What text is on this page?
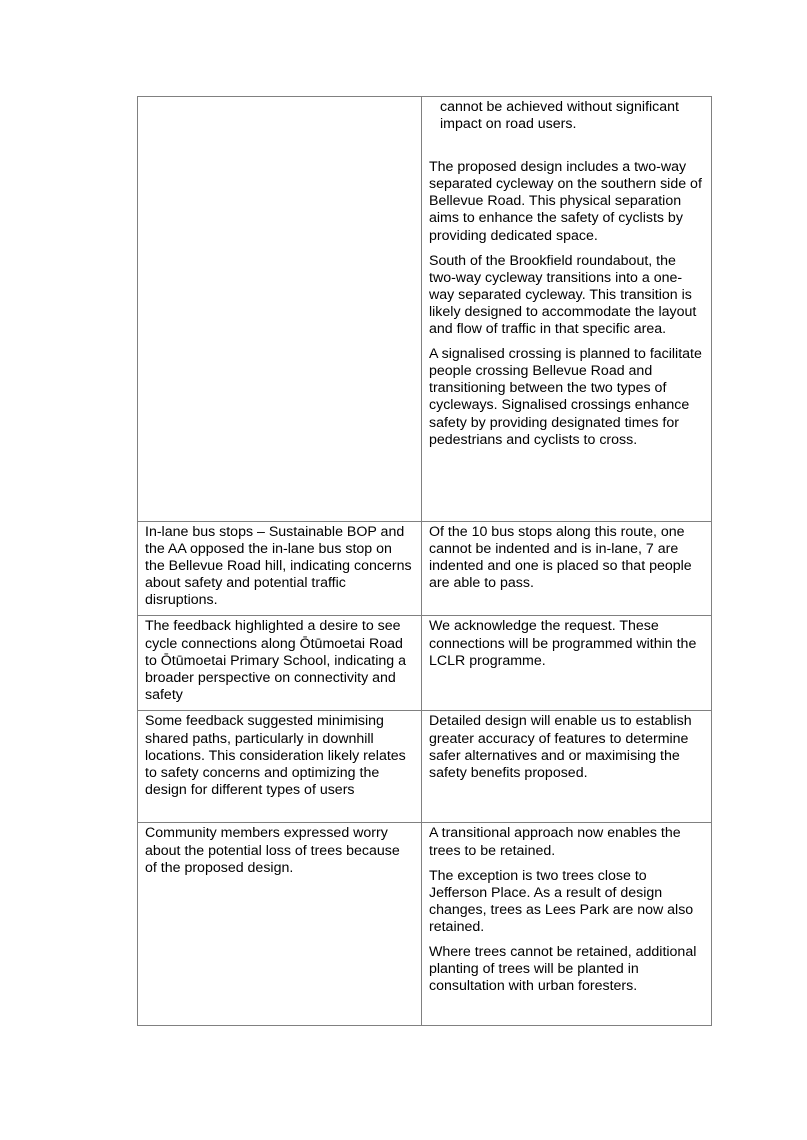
	cannot be achieved without significant impact on road users.

The proposed design includes a two-way separated cycleway on the southern side of Bellevue Road. This physical separation aims to enhance the safety of cyclists by providing dedicated space.

South of the Brookfield roundabout, the two-way cycleway transitions into a one-way separated cycleway. This transition is likely designed to accommodate the layout and flow of traffic in that specific area.

A signalised crossing is planned to facilitate people crossing Bellevue Road and transitioning between the two types of cycleways. Signalised crossings enhance safety by providing designated times for pedestrians and cyclists to cross.

In-lane bus stops – Sustainable BOP and the AA opposed the in-lane bus stop on the Bellevue Road hill, indicating concerns about safety and potential traffic disruptions.	Of the 10 bus stops along this route, one cannot be indented and is in-lane, 7 are indented and one is placed so that people are able to pass.

The feedback highlighted a desire to see cycle connections along Ōtūmoetai Road to Ōtūmoetai Primary School, indicating a broader perspective on connectivity and safety	We acknowledge the request. These connections will be programmed within the LCLR programme.

Some feedback suggested minimising shared paths, particularly in downhill locations. This consideration likely relates to safety concerns and optimizing the design for different types of users	Detailed design will enable us to establish greater accuracy of features to determine safer alternatives and or maximising the safety benefits proposed.

Community members expressed worry about the potential loss of trees because of the proposed design.	A transitional approach now enables the trees to be retained.

The exception is two trees close to Jefferson Place. As a result of design changes, trees as Lees Park are now also retained.

Where trees cannot be retained, additional planting of trees will be planted in consultation with urban foresters.
